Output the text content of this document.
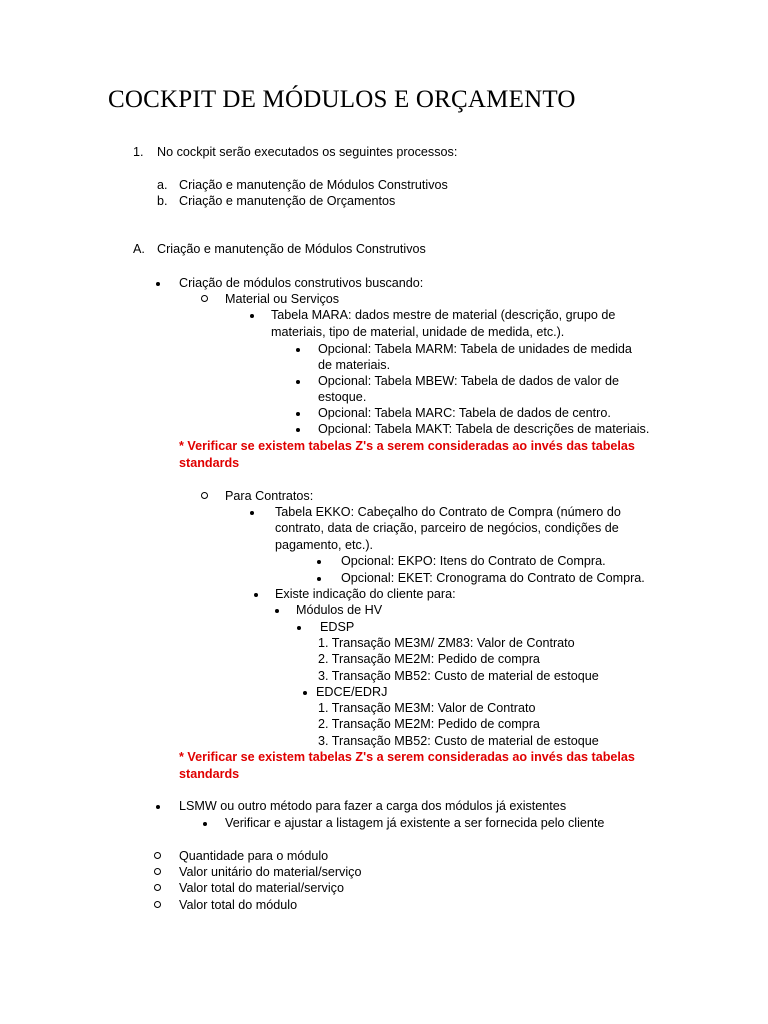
COCKPIT DE MÓDULOS E ORÇAMENTO
1. No cockpit serão executados os seguintes processos:
a. Criação e manutenção de Módulos Construtivos
b. Criação e manutenção de Orçamentos
A. Criação e manutenção de Módulos Construtivos
Criação de módulos construtivos buscando:
Material ou Serviços
Tabela MARA: dados mestre de material (descrição, grupo de
materiais, tipo de material, unidade de medida, etc.).
Opcional: Tabela MARM: Tabela de unidades de medida
de materiais.
Opcional: Tabela MBEW: Tabela de dados de valor de
estoque.
Opcional: Tabela MARC: Tabela de dados de centro.
Opcional: Tabela MAKT: Tabela de descrições de materiais.
* Verificar se existem tabelas Z's a serem consideradas ao invés das tabelas
standards
Para Contratos:
Tabela EKKO: Cabeçalho do Contrato de Compra (número do
contrato, data de criação, parceiro de negócios, condições de
pagamento, etc.).
Opcional: EKPO: Itens do Contrato de Compra.
Opcional: EKET: Cronograma do Contrato de Compra.
Existe indicação do cliente para:
Módulos de HV
EDSP
1. Transação ME3M/ ZM83: Valor de Contrato
2. Transação ME2M: Pedido de compra
3. Transação MB52: Custo de material de estoque
EDCE/EDRJ
1. Transação ME3M: Valor de Contrato
2. Transação ME2M: Pedido de compra
3. Transação MB52: Custo de material de estoque
* Verificar se existem tabelas Z's a serem consideradas ao invés das tabelas
standards
LSMW ou outro método para fazer a carga dos módulos já existentes
Verificar e ajustar a listagem já existente a ser fornecida pelo cliente
Quantidade para o módulo
Valor unitário do material/serviço
Valor total do material/serviço
Valor total do módulo
